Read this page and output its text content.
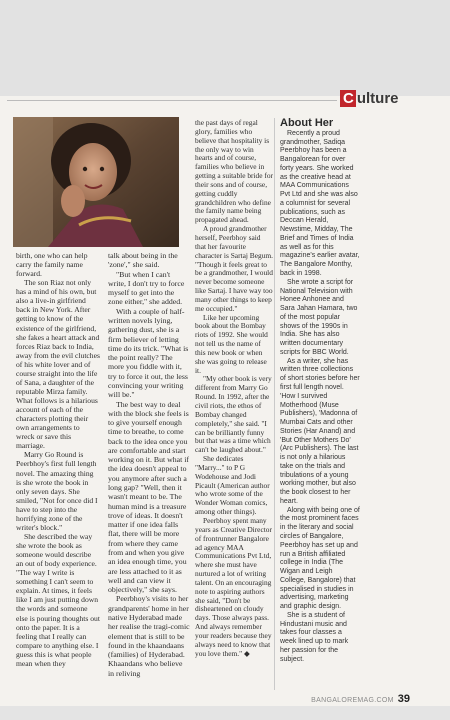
C ulture

birth, one who can help carry the family name forward.

The son Riaz not only has a mind of his own, but also a live-in girlfriend back in New York. After getting to know of the existence of the girlfriend, she fakes a heart attack and forces Riaz back to India, away from the evil clutches of his white lover and of course straight into the life of Sana, a daughter of the reputable Mirza family. What follows is a hilarious account of each of the characters plotting their own arrangements to wreck or save this marriage.

Marry Go Round is Peerbhoy's first full length novel. The amazing thing is she wrote the book in only seven days. She smiled, "Not for once did I have to step into the horrifying zone of the writer's block."

She described the way she wrote the book as someone would describe an out of body experience. "The way I write is something I can't seem to explain. At times, it feels like I am just putting down the words and someone else is pouring thoughts out onto the paper. It is a feeling that I really can compare to anything else. I guess this is what people mean when they

talk about being in the 'zone'," she said.

"But when I can't write, I don't try to force myself to get into the zone either," she added.

With a couple of half-written novels lying, gathering dust, she is a firm believer of letting time do its trick. "What is the point really? The more you fiddle with it, try to force it out, the less convincing your writing will be."

The best way to deal with the block she feels is to give yourself enough time to breathe, to come back to the idea once you are comfortable and start working on it. But what if the idea doesn't appeal to you anymore after such a long gap? "Well, then it wasn't meant to be. The human mind is a treasure trove of ideas. It doesn't matter if one idea falls flat, there will be more from where they came from and when you give an idea enough time, you are less attached to it as well and can view it objectively," she says.

Peerbhoy's visits to her grandparents' home in her native Hyderabad made her realise the tragi-comic element that is still to be found in the khaandaans (families) of Hyderabad. Khaandans who believe in reliving

the past days of regal glory, families who believe that hospitality is the only way to win hearts and of course, families who believe in getting a suitable bride for their sons and of course, getting cuddly grandchildren who define the family name being propagated ahead.

A proud grandmother herself, Peerbhoy said that her favourite character is Sartaj Begum. "Though it feels great to be a grandmother, I would never become someone like Sartaj. I have way too many other things to keep me occupied."

Like her upcoming book about the Bombay riots of 1992. She would not tell us the name of this new book or when she was going to release it.

"My other book is very different from Marry Go Round. In 1992, after the civil riots, the ethos of Bombay changed completely," she said. "I can be brilliantly funny but that was a time which can't be laughed about."

She dedicates "Marry..." to P G Wodehouse and Jodi Picault (American author who wrote some of the Wonder Woman comics, among other things).

Peerbhoy spent many years as Creative Director of frontrunner Bangalore ad agency MAA Communications Pvt Ltd, where she must have nurtured a lot of writing talent. On an encouraging note to aspiring authors she said, "Don't be disheartened on cloudy days. Those always pass. And always remember your readers because they always need to know that you love them." ◆

About Her

Recently a proud grandmother, Sadiqa Peerbhoy has been a Bangalorean for over forty years. She worked as the creative head at MAA Communications Pvt Ltd and she was also a columnist for several publications, such as Deccan Herald, Newstime, Midday, The Brief and Times of India as well as for this magazine's earlier avatar, The Bangalore Monthy, back in 1998.

She wrote a script for National Television with Honee Anhonee and Sara Jahan Hamara, two of the most popular shows of the 1990s in India. She has also written documentary scripts for BBC World.

As a writer, she has written three collections of short stories before her first full length novel. 'How I survived Motherhood (Muse Publishers), 'Madonna of Mumbai Cats and other Stories (Har Anand) and 'But Other Mothers Do' (Arc Publishers). The last is not only a hilarious take on the trials and tribulations of a young working mother, but also the book closest to her heart.

Along with being one of the most prominent faces in the literary and social circles of Bangalore, Peerbhoy has set up and run a British affiliated college in India (The Wigan and Leigh College, Bangalore) that specialised in studies in advertising, marketing and graphic design.

She is a student of Hindustani music and takes four classes a week lined up to mark her passion for the subject.

BANGALOREMAG.COM 39
